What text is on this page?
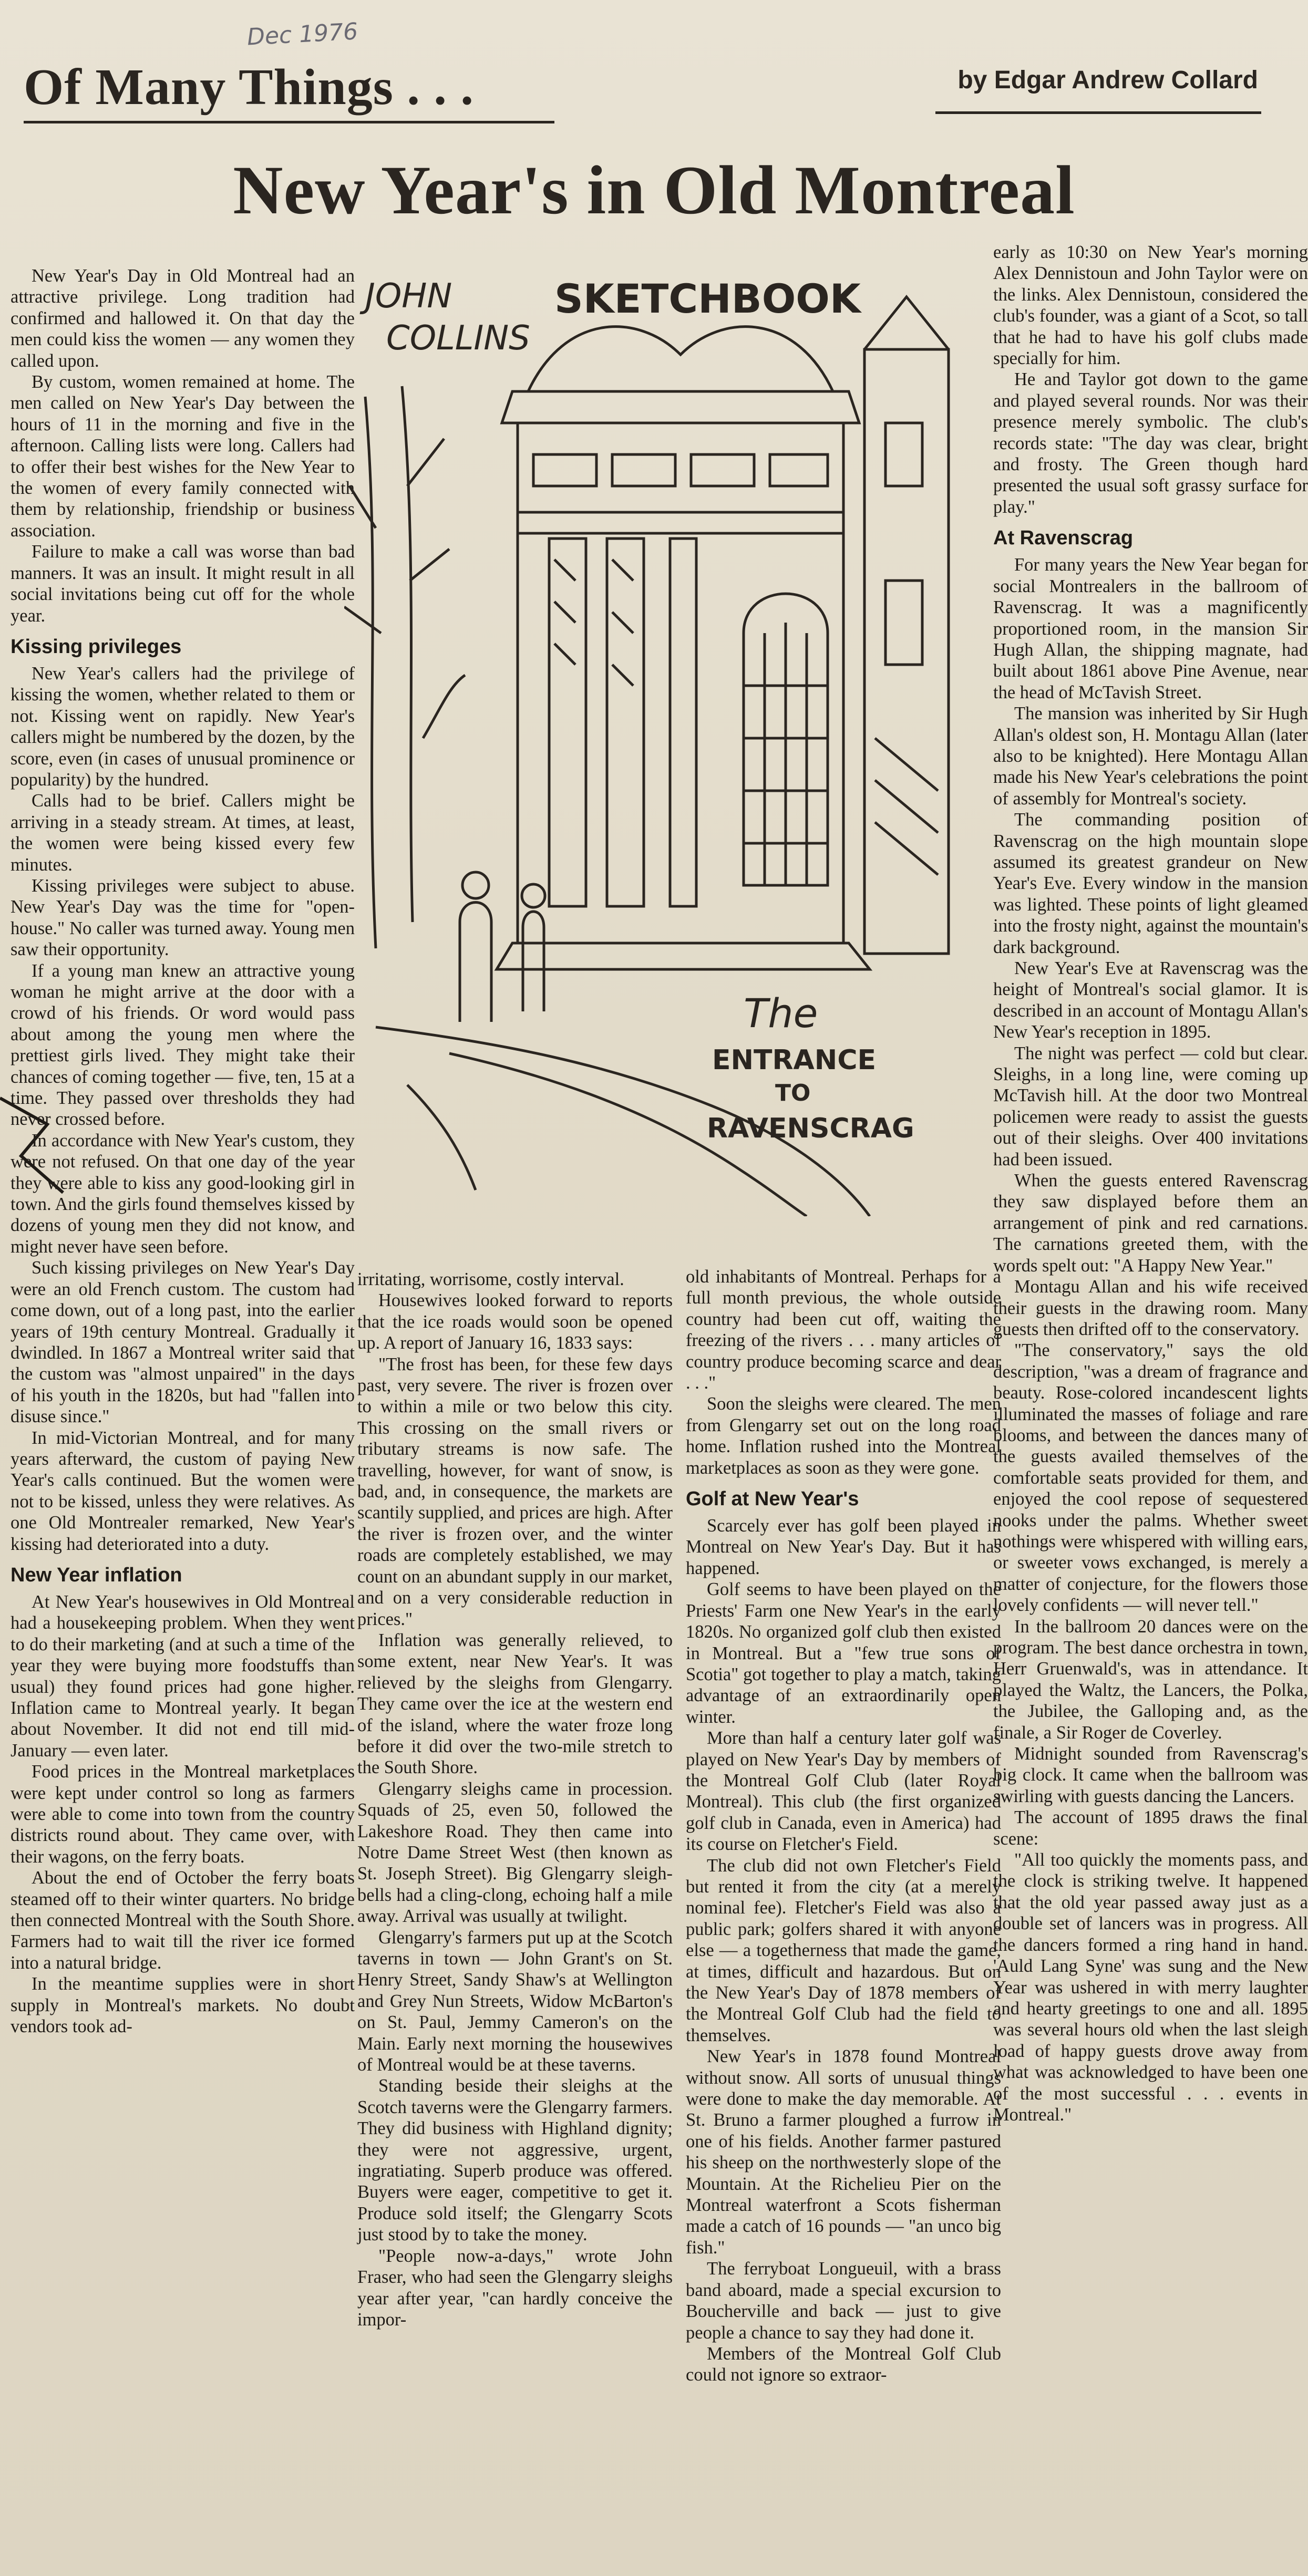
Dec 1976
Of Many Things . . .	by Edgar Andrew Collard
New Year's in Old Montreal

New Year's Day in Old Montreal had an attractive privilege. Long tradition had confirmed and hallowed it. On that day the men could kiss the women — any women they called upon.

By custom, women remained at home. The men called on New Year's Day between the hours of 11 in the morning and five in the afternoon. Calling lists were long. Callers had to offer their best wishes for the New Year to the women of every family connected with them by relationship, friendship or business association.

Failure to make a call was worse than bad manners. It was an insult. It might result in all social invitations being cut off for the whole year.

Kissing privileges

New Year's callers had the privilege of kissing the women, whether related to them or not. Kissing went on rapidly. New Year's callers might be numbered by the dozen, by the score, even (in cases of unusual prominence or popularity) by the hundred.

Calls had to be brief. Callers might be arriving in a steady stream. At times, at least, the women were being kissed every few minutes.

Kissing privileges were subject to abuse. New Year's Day was the time for "open-house." No caller was turned away. Young men saw their opportunity.

If a young man knew an attractive young woman he might arrive at the door with a crowd of his friends. Or word would pass about among the young men where the prettiest girls lived. They might take their chances of coming together — five, ten, 15 at a time. They passed over thresholds they had never crossed before.

In accordance with New Year's custom, they were not refused. On that one day of the year they were able to kiss any good-looking girl in town. And the girls found themselves kissed by dozens of young men they did not know, and might never have seen before.

Such kissing privileges on New Year's Day were an old French custom. The custom had come down, out of a long past, into the earlier years of 19th century Montreal. Gradually it dwindled. In 1867 a Montreal writer said that the custom was "almost unpaired" in the days of his youth in the 1820s, but had "fallen into disuse since."

In mid-Victorian Montreal, and for many years afterward, the custom of paying New Year's calls continued. But the women were not to be kissed, unless they were relatives. As one Old Montrealer remarked, New Year's kissing had deteriorated into a duty.

New Year inflation

At New Year's housewives in Old Montreal had a housekeeping problem. When they went to do their marketing (and at such a time of the year they were buying more foodstuffs than usual) they found prices had gone higher. Inflation came to Montreal yearly. It began about November. It did not end till mid-January — even later.

Food prices in the Montreal marketplaces were kept under control so long as farmers were able to come into town from the country districts round about. They came over, with their wagons, on the ferry boats.

About the end of October the ferry boats steamed off to their winter quarters. No bridge then connected Montreal with the South Shore. Farmers had to wait till the river ice formed into a natural bridge.

In the meantime supplies were in short supply in Montreal's markets. No doubt vendors took ad-

irritating, worrisome, costly interval.

Housewives looked forward to reports that the ice roads would soon be opened up. A report of January 16, 1833 says:

"The frost has been, for these few days past, very severe. The river is frozen over to within a mile or two below this city. This crossing on the small rivers or tributary streams is now safe. The travelling, however, for want of snow, is bad, and, in consequence, the markets are scantily supplied, and prices are high. After the river is frozen over, and the winter roads are completely established, we may count on an abundant supply in our market, and on a very considerable reduction in prices."

Inflation was generally relieved, to some extent, near New Year's. It was relieved by the sleighs from Glengarry. They came over the ice at the western end of the island, where the water froze long before it did over the two-mile stretch to the South Shore.

Glengarry sleighs came in procession. Squads of 25, even 50, followed the Lakeshore Road. They then came into Notre Dame Street West (then known as St. Joseph Street). Big Glengarry sleigh-bells had a cling-clong, echoing half a mile away. Arrival was usually at twilight.

Glengarry's farmers put up at the Scotch taverns in town — John Grant's on St. Henry Street, Sandy Shaw's at Wellington and Grey Nun Streets, Widow McBarton's on St. Paul, Jemmy Cameron's on the Main. Early next morning the housewives of Montreal would be at these taverns.

Standing beside their sleighs at the Scotch taverns were the Glengarry farmers. They did business with Highland dignity; they were not aggressive, urgent, ingratiating. Superb produce was offered. Buyers were eager, competitive to get it. Produce sold itself; the Glengarry Scots just stood by to take the money.

"People now-a-days," wrote John Fraser, who had seen the Glengarry sleighs year after year, "can hardly conceive the impor-

old inhabitants of Montreal. Perhaps for a full month previous, the whole outside country had been cut off, waiting the freezing of the rivers . . . many articles of country produce becoming scarce and dear . . ."

Soon the sleighs were cleared. The men from Glengarry set out on the long road home. Inflation rushed into the Montreal marketplaces as soon as they were gone.

Golf at New Year's

Scarcely ever has golf been played in Montreal on New Year's Day. But it has happened.

Golf seems to have been played on the Priests' Farm one New Year's in the early 1820s. No organized golf club then existed in Montreal. But a "few true sons of Scotia" got together to play a match, taking advantage of an extraordinarily open winter.

More than half a century later golf was played on New Year's Day by members of the Montreal Golf Club (later Royal Montreal). This club (the first organized golf club in Canada, even in America) had its course on Fletcher's Field.

The club did not own Fletcher's Field but rented it from the city (at a merely nominal fee). Fletcher's Field was also a public park; golfers shared it with anyone else — a togetherness that made the game, at times, difficult and hazardous. But on the New Year's Day of 1878 members of the Montreal Golf Club had the field to themselves.

New Year's in 1878 found Montreal without snow. All sorts of unusual things were done to make the day memorable. At St. Bruno a farmer ploughed a furrow in one of his fields. Another farmer pastured his sheep on the northwesterly slope of the Mountain. At the Richelieu Pier on the Montreal waterfront a Scots fisherman made a catch of 16 pounds — "an unco big fish."

The ferryboat Longueuil, with a brass band aboard, made a special excursion to Boucherville and back — just to give people a chance to say they had done it.

Members of the Montreal Golf Club could not ignore so extraor-

early as 10:30 on New Year's morning Alex Dennistoun and John Taylor were on the links. Alex Dennistoun, considered the club's founder, was a giant of a Scot, so tall that he had to have his golf clubs made specially for him.

He and Taylor got down to the game and played several rounds. Nor was their presence merely symbolic. The club's records state: "The day was clear, bright and frosty. The Green though hard presented the usual soft grassy surface for play."

At Ravenscrag

For many years the New Year began for social Montrealers in the ballroom of Ravenscrag. It was a magnificently proportioned room, in the mansion Sir Hugh Allan, the shipping magnate, had built about 1861 above Pine Avenue, near the head of McTavish Street.

The mansion was inherited by Sir Hugh Allan's oldest son, H. Montagu Allan (later also to be knighted). Here Montagu Allan made his New Year's celebrations the point of assembly for Montreal's society.

The commanding position of Ravenscrag on the high mountain slope assumed its greatest grandeur on New Year's Eve. Every window in the mansion was lighted. These points of light gleamed into the frosty night, against the mountain's dark background.

New Year's Eve at Ravenscrag was the height of Montreal's social glamor. It is described in an account of Montagu Allan's New Year's reception in 1895.

The night was perfect — cold but clear. Sleighs, in a long line, were coming up McTavish hill. At the door two Montreal policemen were ready to assist the guests out of their sleighs. Over 400 invitations had been issued.

When the guests entered Ravenscrag they saw displayed before them an arrangement of pink and red carnations. The carnations greeted them, with the words spelt out: "A Happy New Year."

Montagu Allan and his wife received their guests in the drawing room. Many guests then drifted off to the conservatory.

"The conservatory," says the old description, "was a dream of fragrance and beauty. Rose-colored incandescent lights illuminated the masses of foliage and rare blooms, and between the dances many of the guests availed themselves of the comfortable seats provided for them, and enjoyed the cool repose of sequestered nooks under the palms. Whether sweet nothings were whispered with willing ears, or sweeter vows exchanged, is merely a matter of conjecture, for the flowers those lovely confidents — will never tell."

In the ballroom 20 dances were on the program. The best dance orchestra in town, Herr Gruenwald's, was in attendance. It played the Waltz, the Lancers, the Polka, the Jubilee, the Galloping and, as the finale, a Sir Roger de Coverley.

Midnight sounded from Ravenscrag's big clock. It came when the ballroom was swirling with guests dancing the Lancers.

The account of 1895 draws the final scene:

"All too quickly the moments pass, and the clock is striking twelve. It happened that the old year passed away just as a double set of lancers was in progress. All the dancers formed a ring hand in hand. 'Auld Lang Syne' was sung and the New Year was ushered in with merry laughter and hearty greetings to one and all. 1895 was several hours old when the last sleigh load of happy guests drove away from what was acknowledged to have been one of the most successful . . . events in Montreal."

JOHN
COLLINS
SKETCHBOOK
The
ENTRANCE
TO
RAVENSCRAG
